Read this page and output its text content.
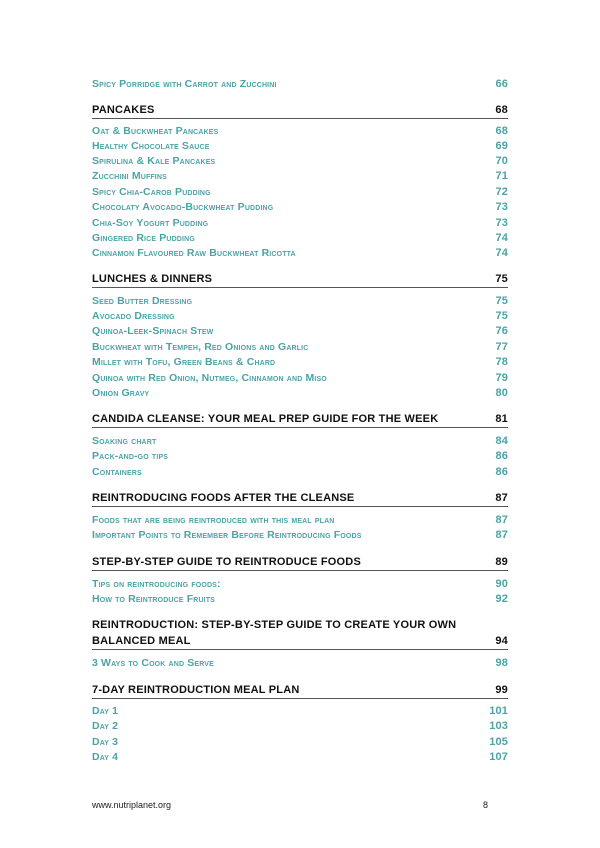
Spicy Porridge with Carrot and Zucchini	66
PANCAKES	68
Oat & Buckwheat Pancakes	68
Healthy Chocolate Sauce	69
Spirulina & Kale Pancakes	70
Zucchini Muffins	71
Spicy Chia-Carob Pudding	72
Chocolaty Avocado-Buckwheat Pudding	73
Chia-Soy Yogurt Pudding	73
Gingered Rice Pudding	74
Cinnamon Flavoured Raw Buckwheat Ricotta	74
LUNCHES & DINNERS	75
Seed Butter Dressing	75
Avocado Dressing	75
Quinoa-Leek-Spinach Stew	76
Buckwheat with Tempeh, Red Onions and Garlic	77
Millet with Tofu, Green Beans & Chard	78
Quinoa with Red Onion, Nutmeg, Cinnamon and Miso	79
Onion Gravy	80
CANDIDA CLEANSE: YOUR MEAL PREP GUIDE FOR THE WEEK	81
Soaking chart	84
Pack-and-go tips	86
Containers	86
REINTRODUCING FOODS AFTER THE CLEANSE	87
Foods that are being reintroduced with this meal plan	87
Important Points to Remember Before Reintroducing Foods	87
STEP-BY-STEP GUIDE TO REINTRODUCE FOODS	89
Tips on reintroducing foods:	90
How to Reintroduce Fruits	92
REINTRODUCTION: STEP-BY-STEP GUIDE TO CREATE YOUR OWN
BALANCED MEAL	94
3 Ways to Cook and Serve	98
7-DAY REINTRODUCTION MEAL PLAN	99
Day 1	101
Day 2	103
Day 3	105
Day 4	107
www.nutriplanet.org	8
